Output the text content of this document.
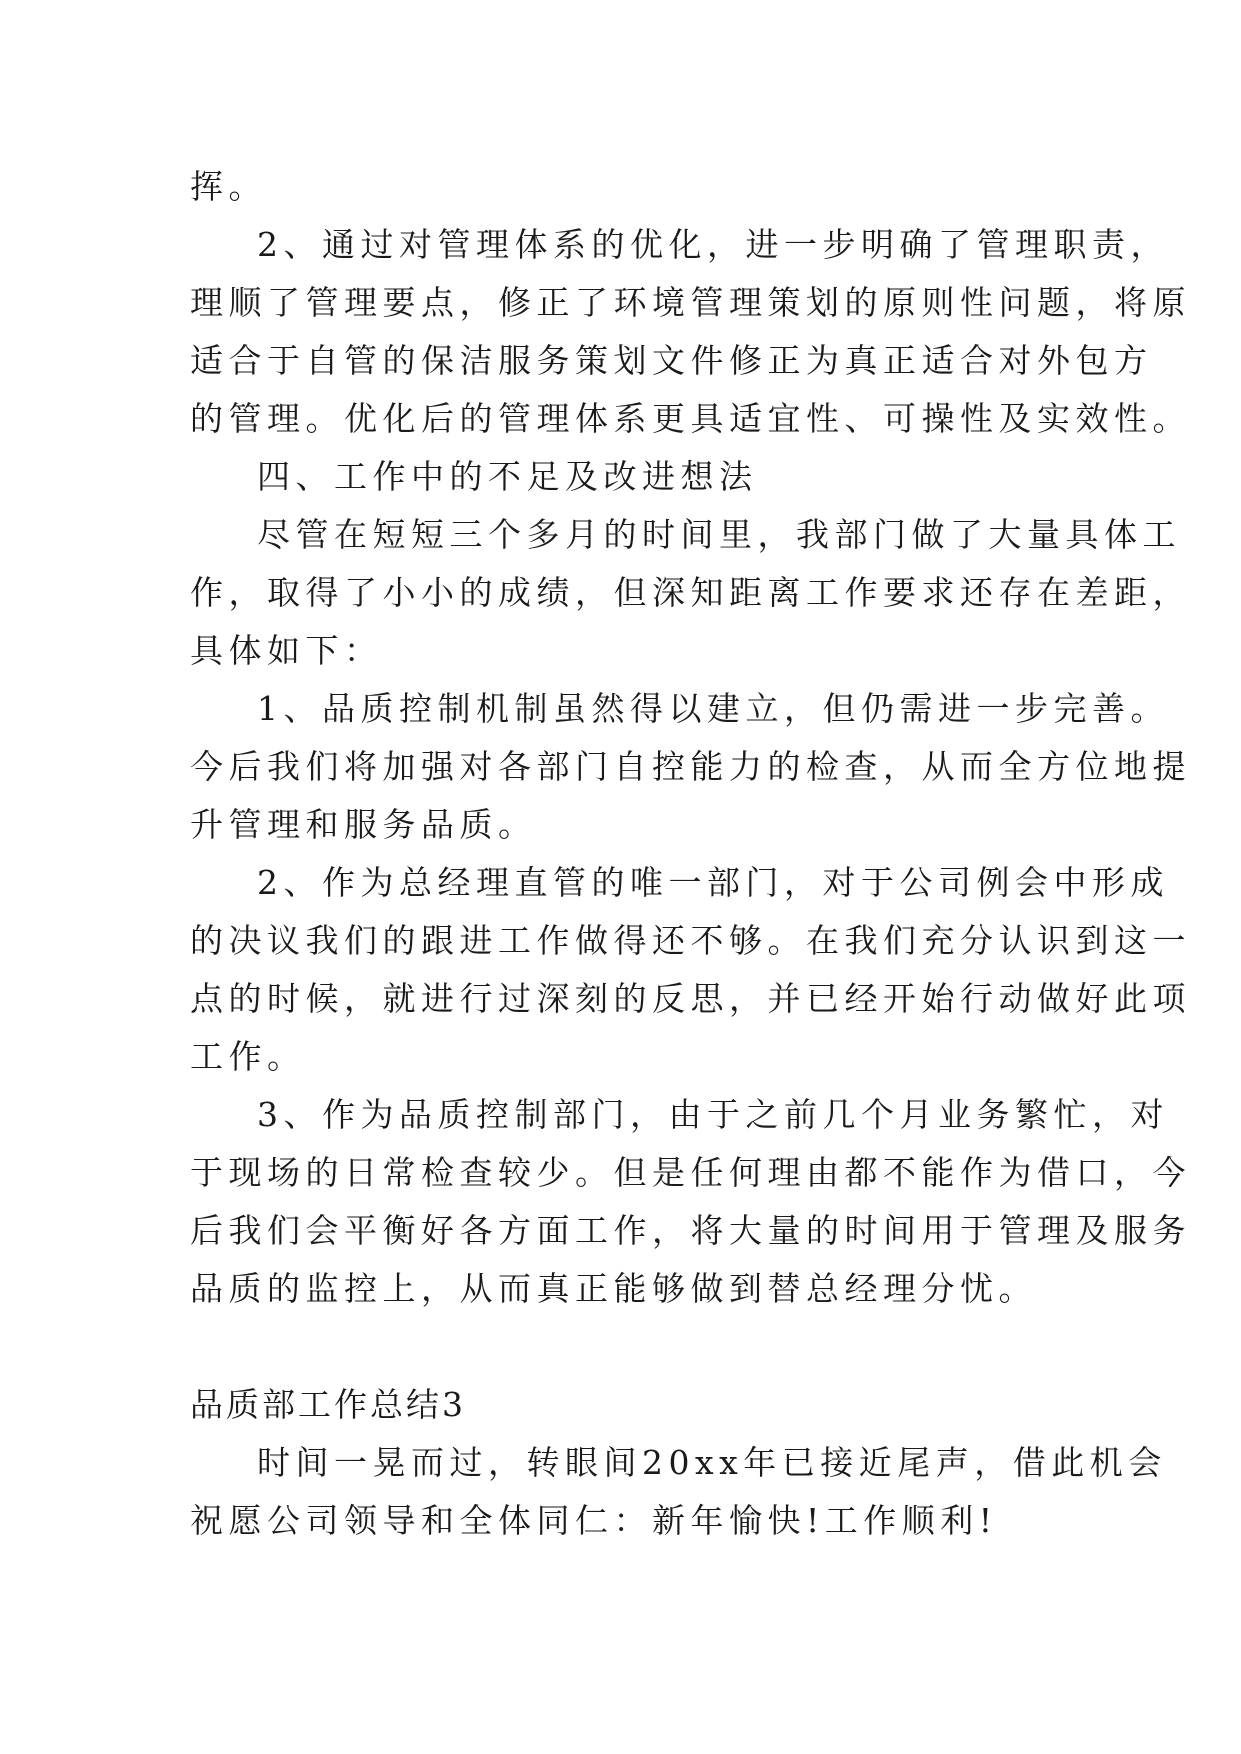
挥。
2、通过对管理体系的优化，进一步明确了管理职责，
理顺了管理要点，修正了环境管理策划的原则性问题，将原
适合于自管的保洁服务策划文件修正为真正适合对外包方
的管理。优化后的管理体系更具适宜性、可操性及实效性。
四、工作中的不足及改进想法
尽管在短短三个多月的时间里，我部门做了大量具体工
作，取得了小小的成绩，但深知距离工作要求还存在差距，
具体如下：
1、品质控制机制虽然得以建立，但仍需进一步完善。
今后我们将加强对各部门自控能力的检查，从而全方位地提
升管理和服务品质。
2、作为总经理直管的唯一部门，对于公司例会中形成
的决议我们的跟进工作做得还不够。在我们充分认识到这一
点的时候，就进行过深刻的反思，并已经开始行动做好此项
工作。
3、作为品质控制部门，由于之前几个月业务繁忙，对
于现场的日常检查较少。但是任何理由都不能作为借口，今
后我们会平衡好各方面工作，将大量的时间用于管理及服务
品质的监控上，从而真正能够做到替总经理分忧。
品质部工作总结3
时间一晃而过，转眼间20xx年已接近尾声，借此机会
祝愿公司领导和全体同仁：新年愉快!工作顺利!
